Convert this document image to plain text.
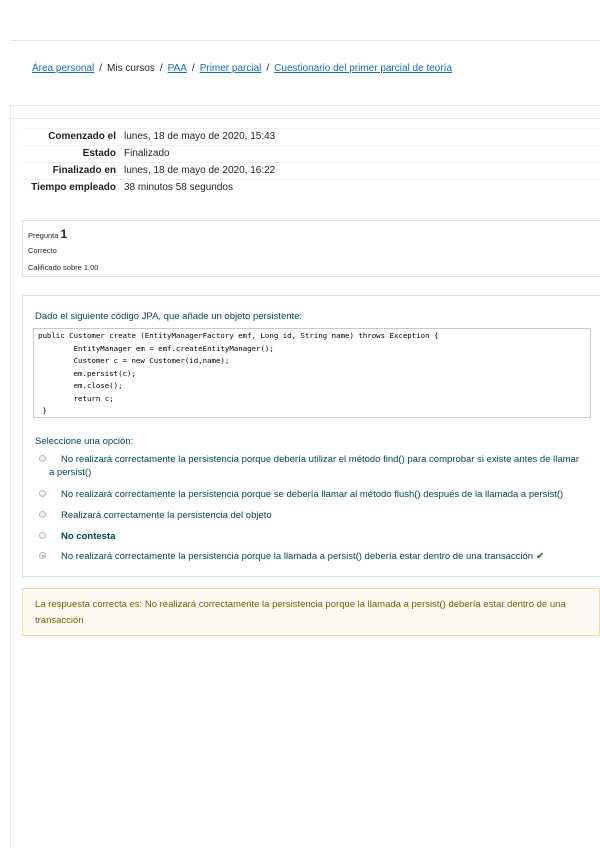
Área personal / Mis cursos / PAA / Primer parcial / Cuestionario del primer parcial de teoría
Comenzado el	lunes, 18 de mayo de 2020, 15:43
Estado	Finalizado
Finalizado en	lunes, 18 de mayo de 2020, 16:22
Tiempo empleado	38 minutos 58 segundos
Pregunta 1
Correcto
Calificado sobre 1.00
Dado el siguiente código JPA, que añade un objeto persistente:
public Customer create (EntityManagerFactory emf, Long id, String name) throws Exception {
EntityManager em = emf.createEntityManager();
Customer c = new Customer(id,name);
em.persist(c);
em.close();
return c;
}
Seleccione una opción:
No realizará correctamente la persistencia porque debería utilizar el método find() para comprobar si existe antes de llamar a persist()
No realizará correctamente la persistencia porque se debería llamar al método flush() después de la llamada a persist()
Realizará correctamente la persistencia del objeto
No contesta
No realizará correctamente la persistencia porque la llamada a persist() debería estar dentro de una transacción ✔
La respuesta correcta es: No realizará correctamente la persistencia porque la llamada a persist() debería estar dentro de una transacción
